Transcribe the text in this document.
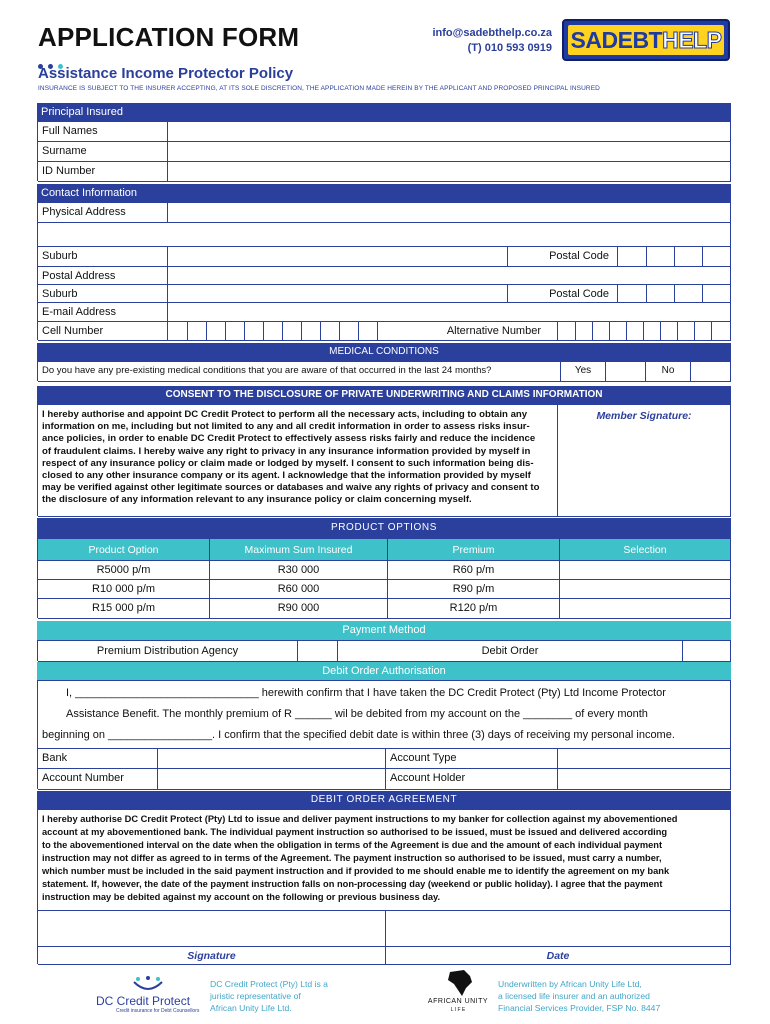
APPLICATION FORM
Assistance Income Protector Policy
INSURANCE IS SUBJECT TO THE INSURER ACCEPTING, AT ITS SOLE DISCRETION, THE APPLICATION MADE HEREIN BY THE APPLICANT AND PROPOSED PRINCIPAL INSURED
info@sadebthelp.co.za
(T) 010 593 0919 SADEBTHELP
Principal Insured
Full Names
Surname
ID Number
Contact Information
Physical Address
Suburb	Postal Code
Postal Address
Suburb	Postal Code
E-mail Address
Cell Number	Alternative Number
MEDICAL CONDITIONS
Do you have any pre-existing medical conditions that you are aware of that occurred in the last 24 months?	Yes	No
CONSENT TO THE DISCLOSURE OF PRIVATE UNDERWRITING AND CLAIMS INFORMATION
I hereby authorise and appoint DC Credit Protect to perform all the necessary acts, including to obtain any
information on me, including but not limited to any and all credit information in order to assess risks insur-
ance policies, in order to enable DC Credit Protect to effectively assess risks fairly and reduce the incidence
of fraudulent claims. I hereby waive any right to privacy in any insurance information provided by myself in
respect of any insurance policy or claim made or lodged by myself. I consent to such information being dis-
closed to any other insurance company or its agent. I acknowledge that the information provided by myself
may be verified against other legitimate sources or databases and waive any rights of privacy and consent to
the disclosure of any information relevant to any insurance policy or claim concerning myself.
Member Signature:
PRODUCT OPTIONS
Product Option	Maximum Sum Insured	Premium	Selection
R5000 p/m	R30 000	R60 p/m
R10 000 p/m	R60 000	R90 p/m
R15 000 p/m	R90 000	R120 p/m
Payment Method
Premium Distribution Agency	Debit Order
Debit Order Authorisation
I, ______________________________ herewith confirm that I have taken the DC Credit Protect (Pty) Ltd Income Protector
Assistance Benefit. The monthly premium of R ______ wil be debited from my account on the ________ of every month
beginning on _________________. I confirm that the specified debit date is within three (3) days of receiving my personal income.
Bank	Account Type
Account Number	Account Holder
DEBIT ORDER AGREEMENT
I hereby authorise DC Credit Protect (Pty) Ltd to issue and deliver payment instructions to my banker for collection against my abovementioned
account at my abovementioned bank. The individual payment instruction so authorised to be issued, must be issued and delivered according
to the abovementioned interval on the date when the obligation in terms of the Agreement is due and the amount of each individual payment
instruction may not differ as agreed to in terms of the Agreement. The payment instruction so authorised to be issued, must carry a number,
which number must be included in the said payment instruction and if provided to me should enable me to identify the agreement on my bank
statement. If, however, the date of the payment instruction falls on non-processing day (weekend or public holiday). I agree that the payment
instruction may be debited against my account on the following or previous business day.
Signature	Date
DC Credit Protect
Credit insurance for Debt Counsellors
DC Credit Protect (Pty) Ltd is a
juristic representative of
African Unity Life Ltd.
AFRICAN UNITY
L I F E
Underwritten by African Unity Life Ltd,
a licensed life insurer and an authorized
Financial Services Provider, FSP No. 8447
